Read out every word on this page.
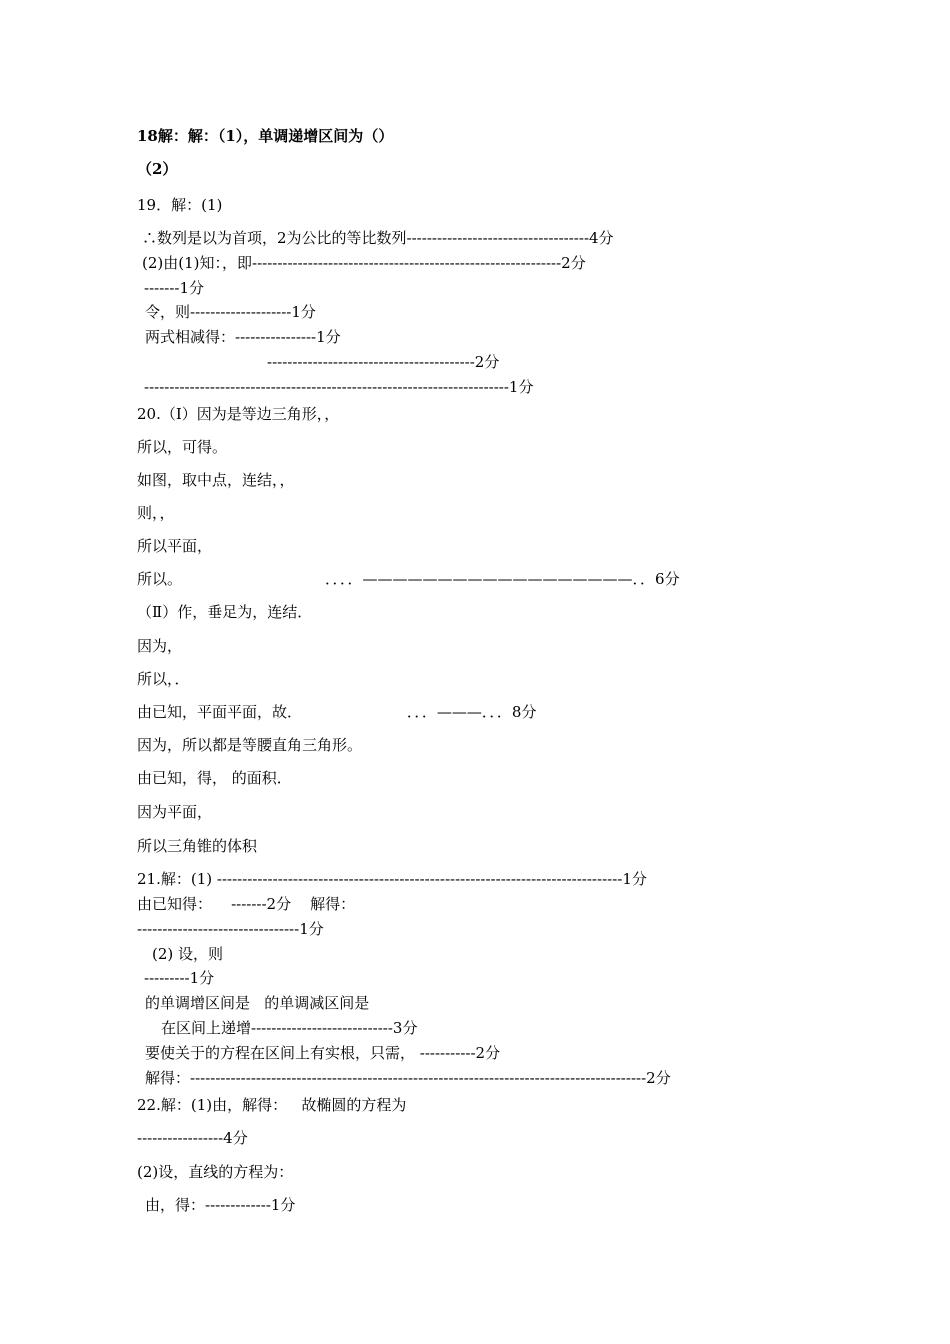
18解：解：（1），单调递增区间为（）
（2）
19．解：(1)
∴数列是以为首项，2为公比的等比数列------------------------------------4分
(2)由(1)知：，即-------------------------------------------------------------2分
-------1分
令，则--------------------1分
两式相减得：----------------1分
-----------------------------------------2分
------------------------------------------------------------------------1分
20.（Ⅰ）因为是等边三角形，，
所以，可得。
如图，取中点，连结，，
则，，
所以平面，
所以。                              ．．．．——————————————————．．6分
（Ⅱ）作，垂足为，连结．
因为，
所以，．
由已知，平面平面，故．                      ．．．———．．．8分
因为，所以都是等腰直角三角形。
由已知，得， 的面积．
因为平面，
所以三角锥的体积
21.解：(1) --------------------------------------------------------------------------------1分
由已知得：    -------2分    解得：
--------------------------------1分
(2) 设，则
---------1分
的单调增区间是   的单调减区间是
在区间上递增----------------------------3分
要使关于的方程在区间上有实根，只需， -----------2分
解得：------------------------------------------------------------------------------------------2分
22.解：(1)由，解得：   故椭圆的方程为
-----------------4分
(2)设，直线的方程为：
由，得：-------------1分
